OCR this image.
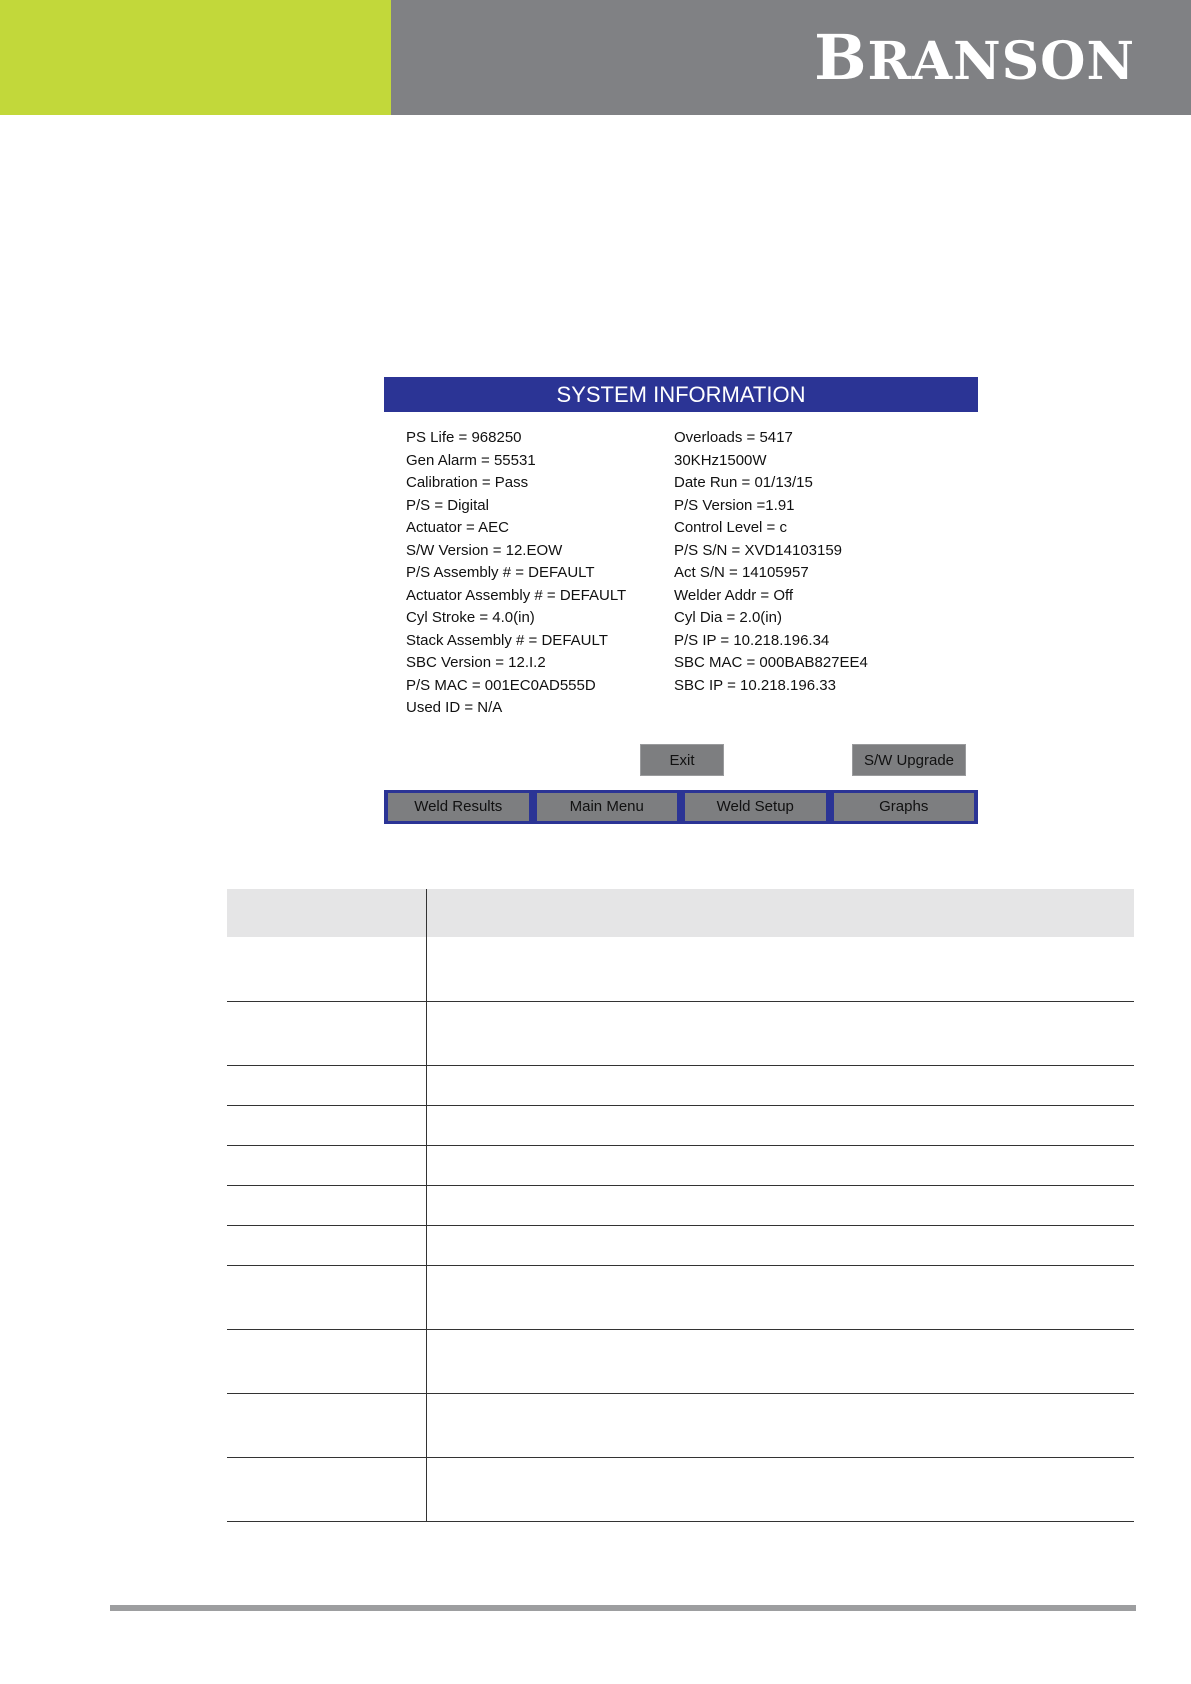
BRANSON
SYSTEM INFORMATION
PS Life = 968250
Gen Alarm = 55531
Calibration = Pass
P/S = Digital
Actuator = AEC
S/W Version = 12.EOW
P/S Assembly # = DEFAULT
Actuator Assembly # = DEFAULT
Cyl Stroke = 4.0(in)
Stack Assembly # = DEFAULT
SBC Version = 12.I.2
P/S MAC = 001EC0AD555D
Used ID = N/A
Overloads = 5417
30KHz1500W
Date Run = 01/13/15
P/S Version =1.91
Control Level = c
P/S S/N = XVD14103159
Act S/N = 14105957
Welder Addr = Off
Cyl Dia = 2.0(in)
P/S IP = 10.218.196.34
SBC MAC = 000BAB827EE4
SBC IP = 10.218.196.33
Exit	S/W Upgrade
Weld Results	Main Menu	Weld Setup	Graphs
